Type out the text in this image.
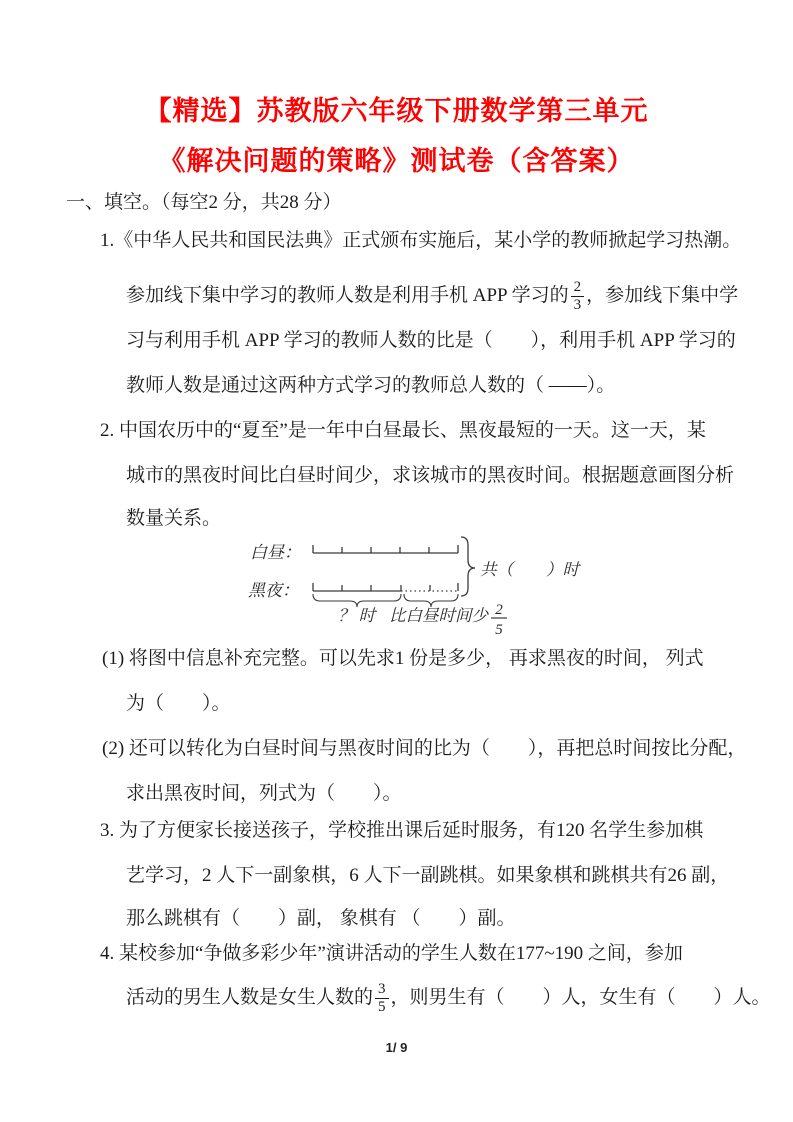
【精选】苏教版六年级下册数学第三单元
《解决问题的策略》测试卷（含答案）
一、填空。（每空2 分，共28 分）
1.《中华人民共和国民法典》正式颁布实施后，某小学的教师掀起学习热潮。
参加线下集中学习的教师人数是利用手机 APP 学习的 $\frac{2}{3}$ ，参加线下集中学
习与利用手机 APP 学习的教师人数的比是（　　），利用手机 APP 学习的
教师人数是通过这两种方式学习的教师总人数的（ ——）。
2. 中国农历中的“夏至”是一年中白昼最长、黑夜最短的一天。这一天，某
城市的黑夜时间比白昼时间少，求该城市的黑夜时间。根据题意画图分析
数量关系。
白昼：
黑夜：
共（　　）时
？ 时 比白昼时间少 2
5
(1) 将图中信息补充完整。可以先求1 份是多少， 再求黑夜的时间， 列式
为（　　）。
(2) 还可以转化为白昼时间与黑夜时间的比为（　　），再把总时间按比分配，
求出黑夜时间，列式为（　　）。
3. 为了方便家长接送孩子，学校推出课后延时服务，有120 名学生参加棋
艺学习，2 人下一副象棋，6 人下一副跳棋。如果象棋和跳棋共有26 副，
那么跳棋有（　　）副， 象棋有 （　　）副。
4. 某校参加“争做多彩少年”演讲活动的学生人数在177~190 之间，参加
活动的男生人数是女生人数的 $\frac{3}{5}$ ，则男生有（　　）人，女生有（　　）人。
1/ 9
